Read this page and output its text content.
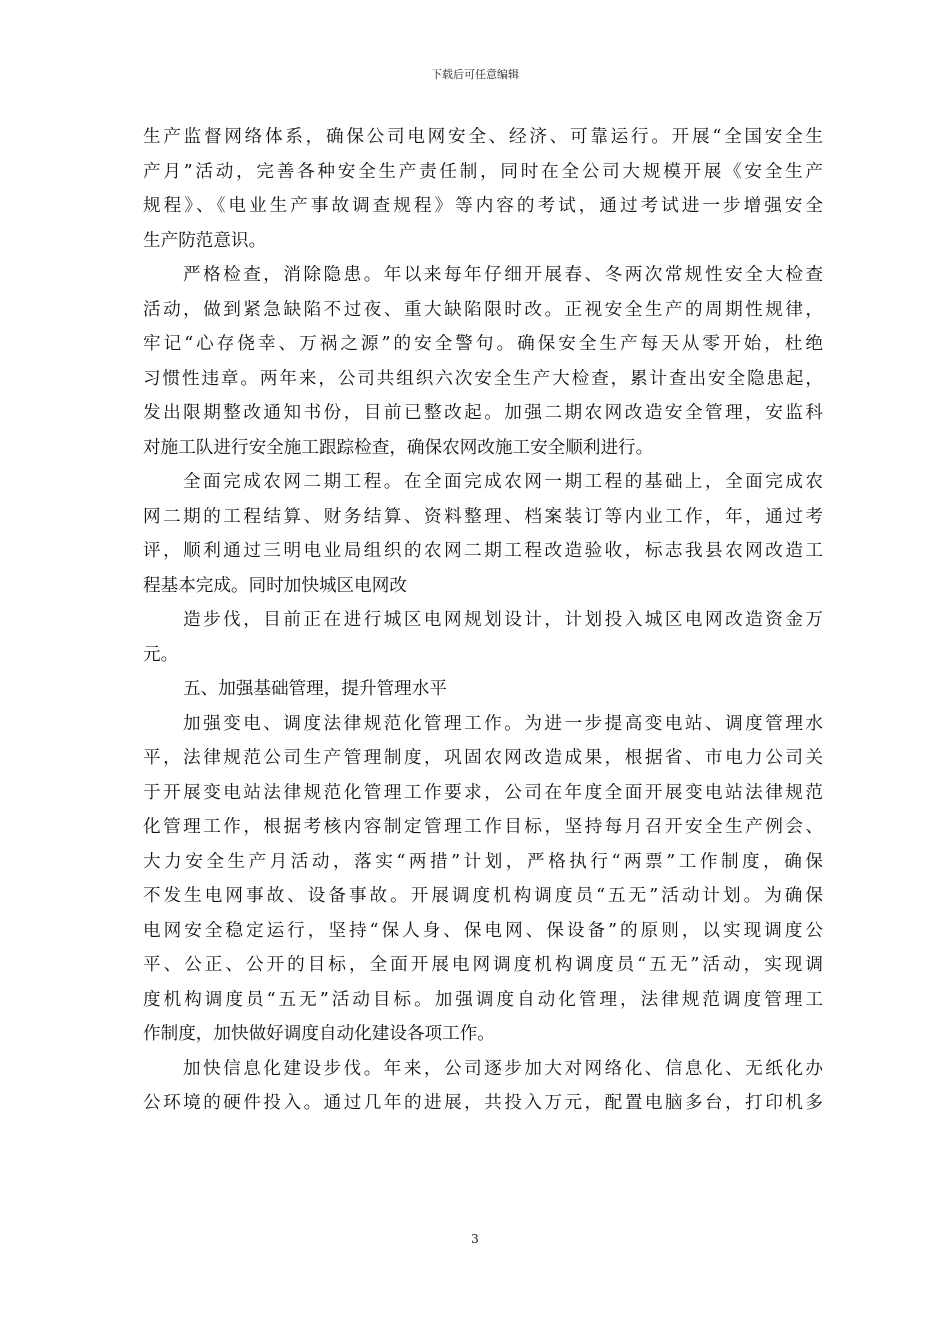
下载后可任意编辑
生产监督网络体系，确保公司电网安全、经济、可靠运行。开展“全国安全生
产月”活动，完善各种安全生产责任制，同时在全公司大规模开展《安全生产
规程》、《电业生产事故调查规程》等内容的考试，通过考试进一步增强安全
生产防范意识。
严格检查，消除隐患。年以来每年仔细开展春、冬两次常规性安全大检查
活动，做到紧急缺陷不过夜、重大缺陷限时改。正视安全生产的周期性规律，
牢记“心存侥幸、万祸之源”的安全警句。确保安全生产每天从零开始，杜绝
习惯性违章。两年来，公司共组织六次安全生产大检查，累计查出安全隐患起，
发出限期整改通知书份，目前已整改起。加强二期农网改造安全管理，安监科
对施工队进行安全施工跟踪检查，确保农网改施工安全顺利进行。
全面完成农网二期工程。在全面完成农网一期工程的基础上，全面完成农
网二期的工程结算、财务结算、资料整理、档案装订等内业工作，年，通过考
评，顺利通过三明电业局组织的农网二期工程改造验收，标志我县农网改造工
程基本完成。同时加快城区电网改
造步伐，目前正在进行城区电网规划设计，计划投入城区电网改造资金万
元。
五、加强基础管理，提升管理水平
加强变电、调度法律规范化管理工作。为进一步提高变电站、调度管理水
平，法律规范公司生产管理制度，巩固农网改造成果，根据省、市电力公司关
于开展变电站法律规范化管理工作要求，公司在年度全面开展变电站法律规范
化管理工作，根据考核内容制定管理工作目标，坚持每月召开安全生产例会、
大力安全生产月活动，落实“两措”计划，严格执行“两票”工作制度，确保
不发生电网事故、设备事故。开展调度机构调度员“五无”活动计划。为确保
电网安全稳定运行，坚持“保人身、保电网、保设备”的原则，以实现调度公
平、公正、公开的目标，全面开展电网调度机构调度员“五无”活动，实现调
度机构调度员“五无”活动目标。加强调度自动化管理，法律规范调度管理工
作制度，加快做好调度自动化建设各项工作。
加快信息化建设步伐。年来，公司逐步加大对网络化、信息化、无纸化办
公环境的硬件投入。通过几年的进展，共投入万元，配置电脑多台，打印机多
3
